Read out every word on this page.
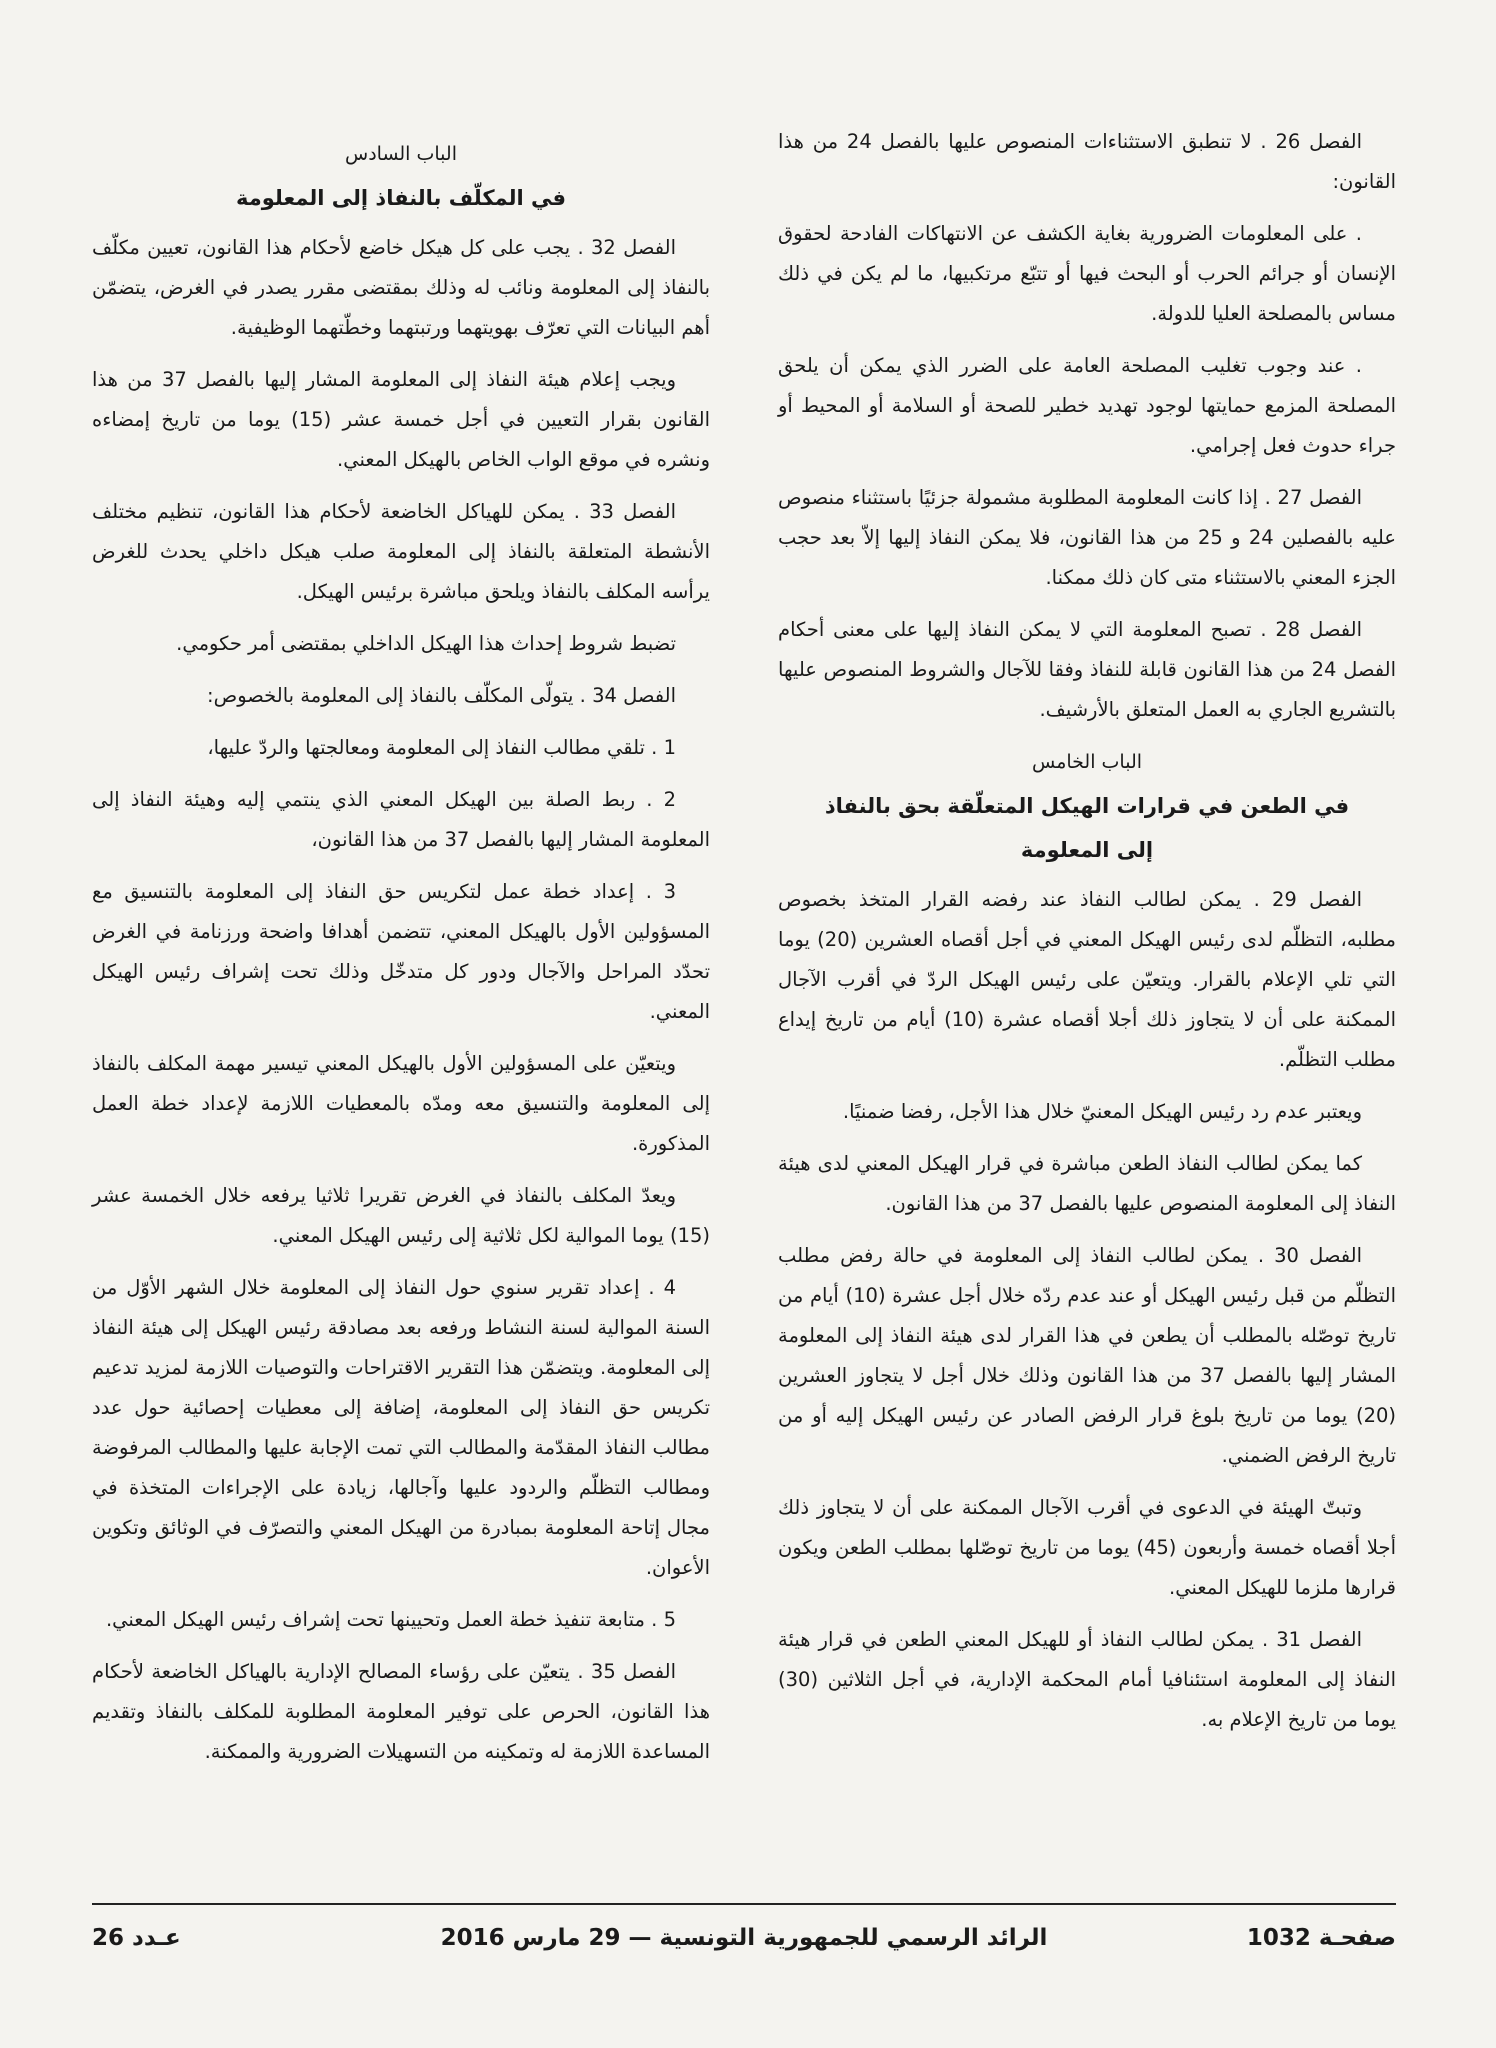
الفصل 26 . لا تنطبق الاستثناءات المنصوص عليها بالفصل 24 من هذا القانون:

. على المعلومات الضرورية بغاية الكشف عن الانتهاكات الفادحة لحقوق الإنسان أو جرائم الحرب أو البحث فيها أو تتبّع مرتكبيها، ما لم يكن في ذلك مساس بالمصلحة العليا للدولة.

. عند وجوب تغليب المصلحة العامة على الضرر الذي يمكن أن يلحق المصلحة المزمع حمايتها لوجود تهديد خطير للصحة أو السلامة أو المحيط أو جراء حدوث فعل إجرامي.

الفصل 27 . إذا كانت المعلومة المطلوبة مشمولة جزئيًا باستثناء منصوص عليه بالفصلين 24 و 25 من هذا القانون، فلا يمكن النفاذ إليها إلاّ بعد حجب الجزء المعني بالاستثناء متى كان ذلك ممكنا.

الفصل 28 . تصبح المعلومة التي لا يمكن النفاذ إليها على معنى أحكام الفصل 24 من هذا القانون قابلة للنفاذ وفقا للآجال والشروط المنصوص عليها بالتشريع الجاري به العمل المتعلق بالأرشيف.

الباب الخامس
في الطعن في قرارات الهيكل المتعلّقة بحق بالنفاذ
إلى المعلومة

الفصل 29 . يمكن لطالب النفاذ عند رفضه القرار المتخذ بخصوص مطلبه، التظلّم لدى رئيس الهيكل المعني في أجل أقصاه العشرين (20) يوما التي تلي الإعلام بالقرار. ويتعيّن على رئيس الهيكل الردّ في أقرب الآجال الممكنة على أن لا يتجاوز ذلك أجلا أقصاه عشرة (10) أيام من تاريخ إيداع مطلب التظلّم.

ويعتبر عدم رد رئيس الهيكل المعنيّ خلال هذا الأجل، رفضا ضمنيًا.

كما يمكن لطالب النفاذ الطعن مباشرة في قرار الهيكل المعني لدى هيئة النفاذ إلى المعلومة المنصوص عليها بالفصل 37 من هذا القانون.

الفصل 30 . يمكن لطالب النفاذ إلى المعلومة في حالة رفض مطلب التظلّم من قبل رئيس الهيكل أو عند عدم ردّه خلال أجل عشرة (10) أيام من تاريخ توصّله بالمطلب أن يطعن في هذا القرار لدى هيئة النفاذ إلى المعلومة المشار إليها بالفصل 37 من هذا القانون وذلك خلال أجل لا يتجاوز العشرين (20) يوما من تاريخ بلوغ قرار الرفض الصادر عن رئيس الهيكل إليه أو من تاريخ الرفض الضمني.

وتبتّ الهيئة في الدعوى في أقرب الآجال الممكنة على أن لا يتجاوز ذلك أجلا أقصاه خمسة وأربعون (45) يوما من تاريخ توصّلها بمطلب الطعن ويكون قرارها ملزما للهيكل المعني.

الفصل 31 . يمكن لطالب النفاذ أو للهيكل المعني الطعن في قرار هيئة النفاذ إلى المعلومة استئنافيا أمام المحكمة الإدارية، في أجل الثلاثين (30) يوما من تاريخ الإعلام به.

الباب السادس
في المكلّف بالنفاذ إلى المعلومة

الفصل 32 . يجب على كل هيكل خاضع لأحكام هذا القانون، تعيين مكلّف بالنفاذ إلى المعلومة ونائب له وذلك بمقتضى مقرر يصدر في الغرض، يتضمّن أهم البيانات التي تعرّف بهويتهما ورتبتهما وخطّتهما الوظيفية.

ويجب إعلام هيئة النفاذ إلى المعلومة المشار إليها بالفصل 37 من هذا القانون بقرار التعيين في أجل خمسة عشر (15) يوما من تاريخ إمضاءه ونشره في موقع الواب الخاص بالهيكل المعني.

الفصل 33 . يمكن للهياكل الخاضعة لأحكام هذا القانون، تنظيم مختلف الأنشطة المتعلقة بالنفاذ إلى المعلومة صلب هيكل داخلي يحدث للغرض يرأسه المكلف بالنفاذ ويلحق مباشرة برئيس الهيكل.

تضبط شروط إحداث هذا الهيكل الداخلي بمقتضى أمر حكومي.

الفصل 34 . يتولّى المكلّف بالنفاذ إلى المعلومة بالخصوص:

1 . تلقي مطالب النفاذ إلى المعلومة ومعالجتها والردّ عليها،

2 . ربط الصلة بين الهيكل المعني الذي ينتمي إليه وهيئة النفاذ إلى المعلومة المشار إليها بالفصل 37 من هذا القانون،

3 . إعداد خطة عمل لتكريس حق النفاذ إلى المعلومة بالتنسيق مع المسؤولين الأول بالهيكل المعني، تتضمن أهدافا واضحة ورزنامة في الغرض تحدّد المراحل والآجال ودور كل متدخّل وذلك تحت إشراف رئيس الهيكل المعني.

ويتعيّن على المسؤولين الأول بالهيكل المعني تيسير مهمة المكلف بالنفاذ إلى المعلومة والتنسيق معه ومدّه بالمعطيات اللازمة لإعداد خطة العمل المذكورة.

ويعدّ المكلف بالنفاذ في الغرض تقريرا ثلاثيا يرفعه خلال الخمسة عشر (15) يوما الموالية لكل ثلاثية إلى رئيس الهيكل المعني.

4 . إعداد تقرير سنوي حول النفاذ إلى المعلومة خلال الشهر الأوّل من السنة الموالية لسنة النشاط ورفعه بعد مصادقة رئيس الهيكل إلى هيئة النفاذ إلى المعلومة. ويتضمّن هذا التقرير الاقتراحات والتوصيات اللازمة لمزيد تدعيم تكريس حق النفاذ إلى المعلومة، إضافة إلى معطيات إحصائية حول عدد مطالب النفاذ المقدّمة والمطالب التي تمت الإجابة عليها والمطالب المرفوضة ومطالب التظلّم والردود عليها وآجالها، زيادة على الإجراءات المتخذة في مجال إتاحة المعلومة بمبادرة من الهيكل المعني والتصرّف في الوثائق وتكوين الأعوان.

5 . متابعة تنفيذ خطة العمل وتحيينها تحت إشراف رئيس الهيكل المعني.

الفصل 35 . يتعيّن على رؤساء المصالح الإدارية بالهياكل الخاضعة لأحكام هذا القانون، الحرص على توفير المعلومة المطلوبة للمكلف بالنفاذ وتقديم المساعدة اللازمة له وتمكينه من التسهيلات الضرورية والممكنة.

صفحـة 1032
الرائد الرسمي للجمهورية التونسية — 29 مارس 2016
عـدد 26
